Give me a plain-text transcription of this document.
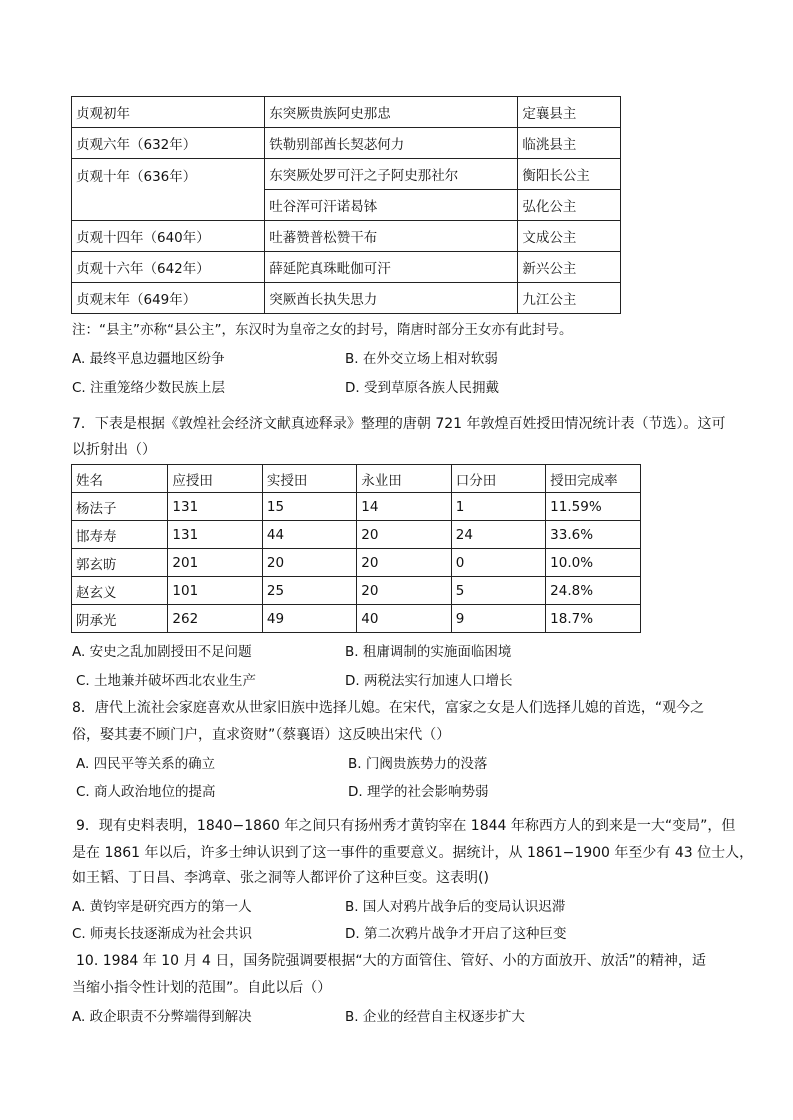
贞观初年	东突厥贵族阿史那忠	定襄县主
贞观六年（632年）	铁勒别部酋长契苾何力	临洮县主
贞观十年（636年）	东突厥处罗可汗之子阿史那社尔	衡阳长公主
	吐谷浑可汗诺曷钵	弘化公主
贞观十四年（640年）	吐蕃赞普松赞干布	文成公主
贞观十六年（642年）	薛延陀真珠毗伽可汗	新兴公主
贞观末年（649年）	突厥酋长执失思力	九江公主
注：“县主”亦称“县公主”，东汉时为皇帝之女的封号，隋唐时部分王女亦有此封号。
A. 最终平息边疆地区纷争	B. 在外交立场上相对软弱
C. 注重笼络少数民族上层	D. 受到草原各族人民拥戴
7．下表是根据《敦煌社会经济文献真迹释录》整理的唐朝 721 年敦煌百姓授田情况统计表（节选）。这可
以折射出（）
姓名	应授田	实授田	永业田	口分田	授田完成率
杨法子	131	15	14	1	11.59%
邯寿寿	131	44	20	24	33.6%
郭玄昉	201	20	20	0	10.0%
赵玄义	101	25	20	5	24.8%
阴承光	262	49	40	9	18.7%
A. 安史之乱加剧授田不足问题	B. 租庸调制的实施面临困境
C. 土地兼并破坏西北农业生产	D. 两税法实行加速人口增长
8．唐代上流社会家庭喜欢从世家旧族中选择儿媳。在宋代，富家之女是人们选择儿媳的首选，“观今之
俗，娶其妻不顾门户，直求资财”（蔡襄语）这反映出宋代（）
A. 四民平等关系的确立	B. 门阀贵族势力的没落
C. 商人政治地位的提高	D. 理学的社会影响势弱
9．现有史料表明，1840−1860 年之间只有扬州秀才黄钧宰在 1844 年称西方人的到来是一大“变局”，但
是在 1861 年以后，许多士绅认识到了这一事件的重要意义。据统计，从 1861−1900 年至少有 43 位士人，
如王韬、丁日昌、李鸿章、张之洞等人都评价了这种巨变。这表明()
A. 黄钧宰是研究西方的第一人	B. 国人对鸦片战争后的变局认识迟滞
C. 师夷长技逐渐成为社会共识	D. 第二次鸦片战争才开启了这种巨变
10. 1984 年 10 月 4 日，国务院强调要根据“大的方面管住、管好、小的方面放开、放活”的精神，适
当缩小指令性计划的范围”。自此以后（）
A. 政企职责不分弊端得到解决	B. 企业的经营自主权逐步扩大
